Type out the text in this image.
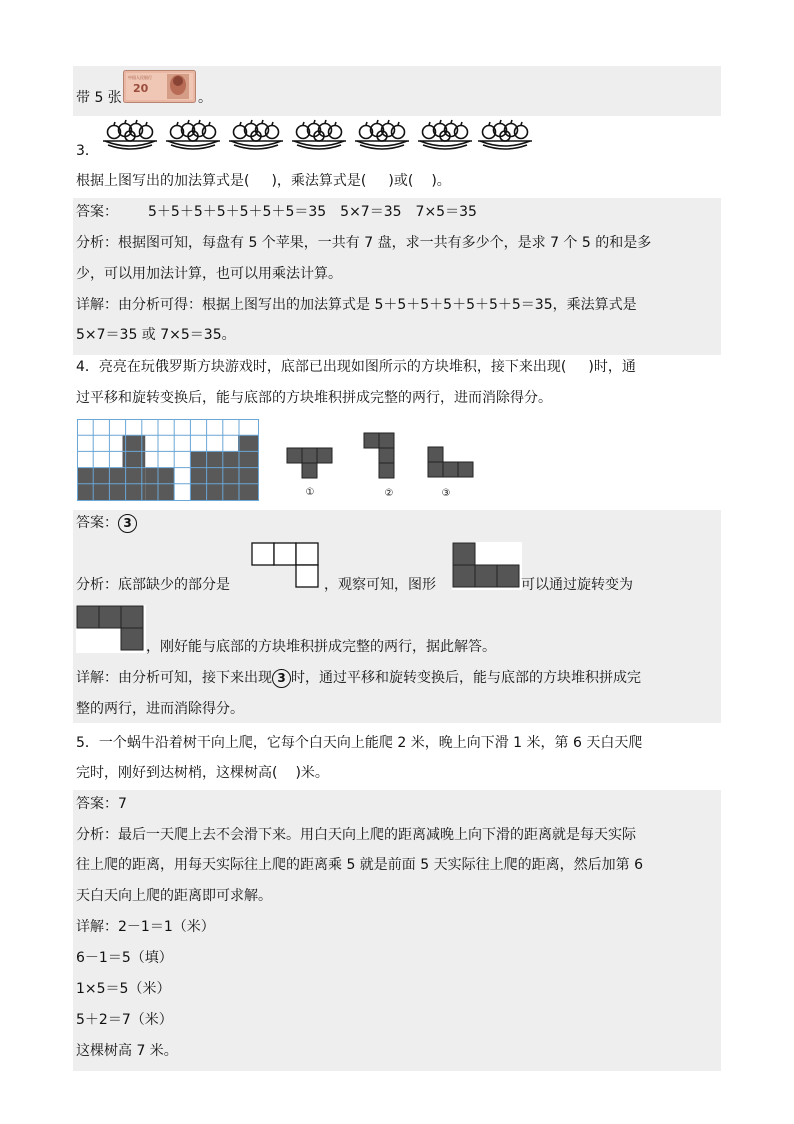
带 5 张
20
中国人民银行
。
3．
根据上图写出的加法算式是( )，乘法算式是( )或( )。
答案： 5＋5＋5＋5＋5＋5＋5＝35 5×7＝35 7×5＝35
分析：根据图可知，每盘有 5 个苹果，一共有 7 盘，求一共有多少个，是求 7 个 5 的和是多
少，可以用加法计算，也可以用乘法计算。
详解：由分析可得：根据上图写出的加法算式是 5＋5＋5＋5＋5＋5＋5＝35，乘法算式是
5×7＝35 或 7×5＝35。
4．亮亮在玩俄罗斯方块游戏时，底部已出现如图所示的方块堆积，接下来出现( )时，通
过平移和旋转变换后，能与底部的方块堆积拼成完整的两行，进而消除得分。
①	②	③
答案： 3
分析：底部缺少的部分是	，观察可知，图形	可以通过旋转变为
，刚好能与底部的方块堆积拼成完整的两行，据此解答。
详解：由分析可知，接下来出现 3 时，通过平移和旋转变换后，能与底部的方块堆积拼成完
整的两行，进而消除得分。
5．一个蜗牛沿着树干向上爬，它每个白天向上能爬 2 米，晚上向下滑 1 米，第 6 天白天爬
完时，刚好到达树梢，这棵树高( )米。
答案：7
分析：最后一天爬上去不会滑下来。用白天向上爬的距离减晚上向下滑的距离就是每天实际
往上爬的距离，用每天实际往上爬的距离乘 5 就是前面 5 天实际往上爬的距离，然后加第 6
天白天向上爬的距离即可求解。
详解：2－1＝1（米）
6－1＝5（填）
1×5＝5（米）
5＋2＝7（米）
这棵树高 7 米。
